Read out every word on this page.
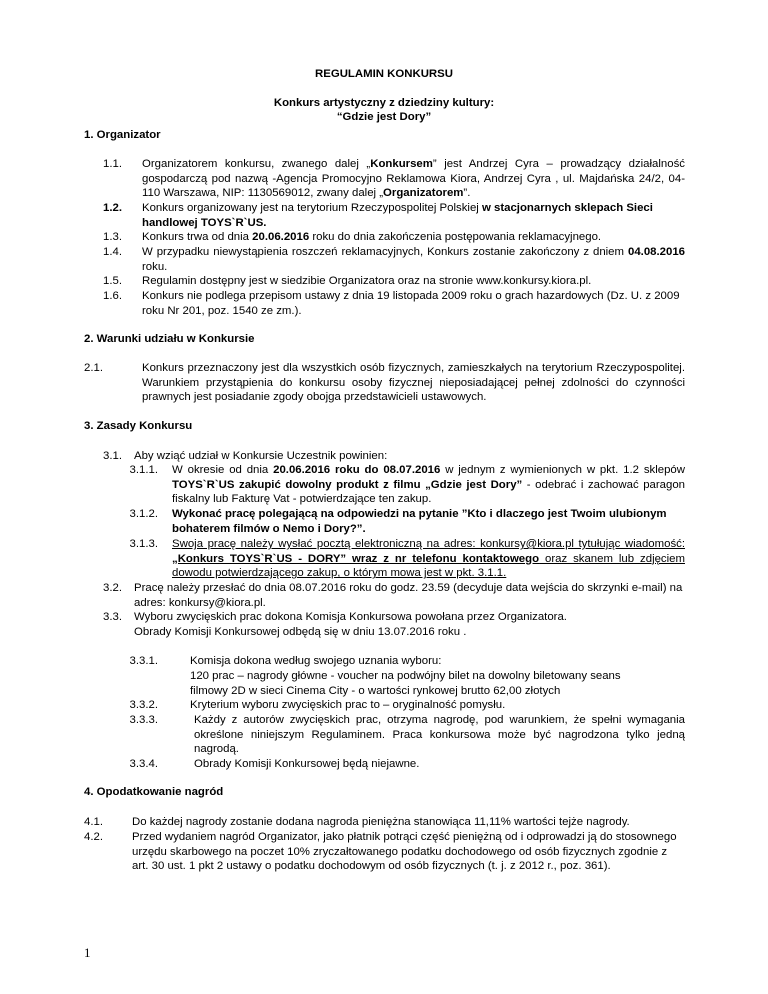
REGULAMIN KONKURSU
Konkurs artystyczny z dziedziny kultury:
“Gdzie jest Dory”
1. Organizator
1.1. Organizatorem konkursu, zwanego dalej „Konkursem” jest Andrzej Cyra – prowadzący działalność gospodarczą pod nazwą -Agencja Promocyjno Reklamowa Kiora, Andrzej Cyra , ul. Majdańska 24/2, 04-110 Warszawa, NIP: 1130569012, zwany dalej „Organizatorem”.
1.2. Konkurs organizowany jest na terytorium Rzeczypospolitej Polskiej w stacjonarnych sklepach Sieci handlowej TOYS`R`US.
1.3. Konkurs trwa od dnia 20.06.2016 roku do dnia zakończenia postępowania reklamacyjnego.
1.4. W przypadku niewystąpienia roszczeń reklamacyjnych, Konkurs zostanie zakończony z dniem 04.08.2016 roku.
1.5. Regulamin dostępny jest w siedzibie Organizatora oraz na stronie www.konkursy.kiora.pl.
1.6. Konkurs nie podlega przepisom ustawy z dnia 19 listopada 2009 roku o grach hazardowych (Dz. U. z 2009 roku Nr 201, poz. 1540 ze zm.).
2. Warunki udziału w Konkursie
2.1.	Konkurs przeznaczony jest dla wszystkich osób fizycznych, zamieszkałych na terytorium Rzeczypospolitej. Warunkiem przystąpienia do konkursu osoby fizycznej nieposiadającej pełnej zdolności do czynności prawnych jest posiadanie zgody obojga przedstawicieli ustawowych.
3. Zasady Konkursu
3.1. Aby wziąć udział w Konkursie Uczestnik powinien:
3.1.1. W okresie od dnia 20.06.2016 roku do 08.07.2016 w jednym z wymienionych w pkt. 1.2 sklepów TOYS`R`US zakupić dowolny produkt z filmu „Gdzie jest Dory” - odebrać i zachować paragon fiskalny lub Fakturę Vat - potwierdzające ten zakup.
3.1.2. Wykonać pracę polegającą na odpowiedzi na pytanie ”Kto i dlaczego jest Twoim ulubionym bohaterem filmów o Nemo i Dory?”.
3.1.3. Swoja pracę należy wysłać pocztą elektroniczną na adres: konkursy@kiora.pl tytułując wiadomość: „Konkurs TOYS`R`US - DORY” wraz z nr telefonu kontaktowego oraz skanem lub zdjęciem dowodu potwierdzającego zakup, o którym mowa jest w pkt. 3.1.1.
3.2. Pracę należy przesłać do dnia 08.07.2016 roku do godz. 23.59 (decyduje data wejścia do skrzynki e-mail) na adres: konkursy@kiora.pl.
3.3. Wyboru zwycięskich prac dokona Komisja Konkursowa powołana przez Organizatora.
Obrady Komisji Konkursowej odbędą się w dniu 13.07.2016 roku .
3.3.1.	Komisja dokona według swojego uznania wyboru:
120 prac – nagrody główne - voucher na podwójny bilet na dowolny biletowany seans filmowy 2D w sieci Cinema City - o wartości rynkowej brutto 62,00 złotych
3.3.2.	Kryterium wyboru zwycięskich prac to – oryginalność pomysłu.
3.3.3.	Każdy z autorów zwycięskich prac, otrzyma nagrodę, pod warunkiem, że spełni wymagania określone niniejszym Regulaminem. Praca konkursowa może być nagrodzona tylko jedną nagrodą.
3.3.4.	Obrady Komisji Konkursowej będą niejawne.
4. Opodatkowanie nagród
4.1.	Do każdej nagrody zostanie dodana nagroda pieniężna stanowiąca 11,11% wartości tejże nagrody.
4.2.	Przed wydaniem nagród Organizator, jako płatnik potrąci część pieniężną od i odprowadzi ją do stosownego urzędu skarbowego na poczet 10% zryczałtowanego podatku dochodowego od osób fizycznych zgodnie z art. 30 ust. 1 pkt 2 ustawy o podatku dochodowym od osób fizycznych (t. j. z 2012 r., poz. 361).
1
